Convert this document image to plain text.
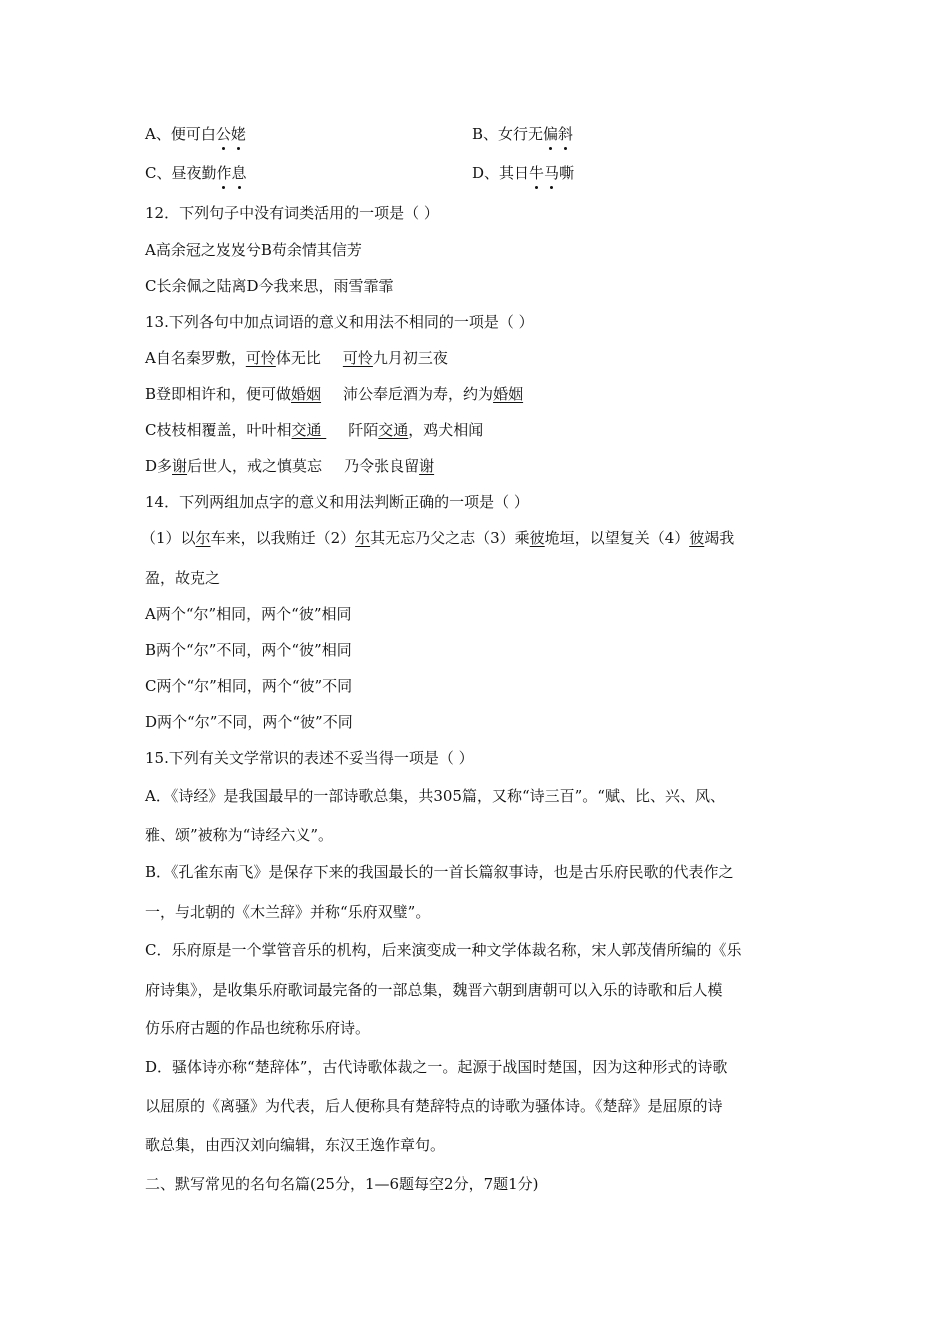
A、便可白公姥	B、女行无偏斜
C、昼夜勤作息	D、其日牛马嘶
12．下列句子中没有词类活用的一项是（ ）
A高余冠之岌岌兮B苟余情其信芳
C长余佩之陆离D今我来思，雨雪霏霏
13.下列各句中加点词语的意义和用法不相同的一项是（ ）
A自名秦罗敷，可怜体无比 可怜九月初三夜
B登即相许和，便可做婚姻 沛公奉卮酒为寿，约为婚姻
C枝枝相覆盖，叶叶相交通 阡陌交通，鸡犬相闻
D多谢后世人，戒之慎莫忘 乃令张良留谢
14．下列两组加点字的意义和用法判断正确的一项是（ ）
（1）以尔车来，以我贿迁（2）尔其无忘乃父之志（3）乘彼垝垣，以望复关（4）彼竭我
盈，故克之
A两个“尔”相同，两个“彼”相同
B两个“尔”不同，两个“彼”相同
C两个“尔”相同，两个“彼”不同
D两个“尔”不同，两个“彼”不同
15.下列有关文学常识的表述不妥当得一项是（ ）
A．《诗经》是我国最早的一部诗歌总集，共305篇，又称“诗三百”。“赋、比、兴、风、
雅、颂”被称为“诗经六义”。
B．《孔雀东南飞》是保存下来的我国最长的一首长篇叙事诗，也是古乐府民歌的代表作之
一，与北朝的《木兰辞》并称“乐府双璧”。
C．乐府原是一个掌管音乐的机构，后来演变成一种文学体裁名称，宋人郭茂倩所编的《乐
府诗集》，是收集乐府歌词最完备的一部总集，魏晋六朝到唐朝可以入乐的诗歌和后人模
仿乐府古题的作品也统称乐府诗。
D．骚体诗亦称“楚辞体”，古代诗歌体裁之一。起源于战国时楚国，因为这种形式的诗歌
以屈原的《离骚》为代表，后人便称具有楚辞特点的诗歌为骚体诗。《楚辞》是屈原的诗
歌总集，由西汉刘向编辑，东汉王逸作章句。
二、默写常见的名句名篇(25分，1—6题每空2分，7题1分)
